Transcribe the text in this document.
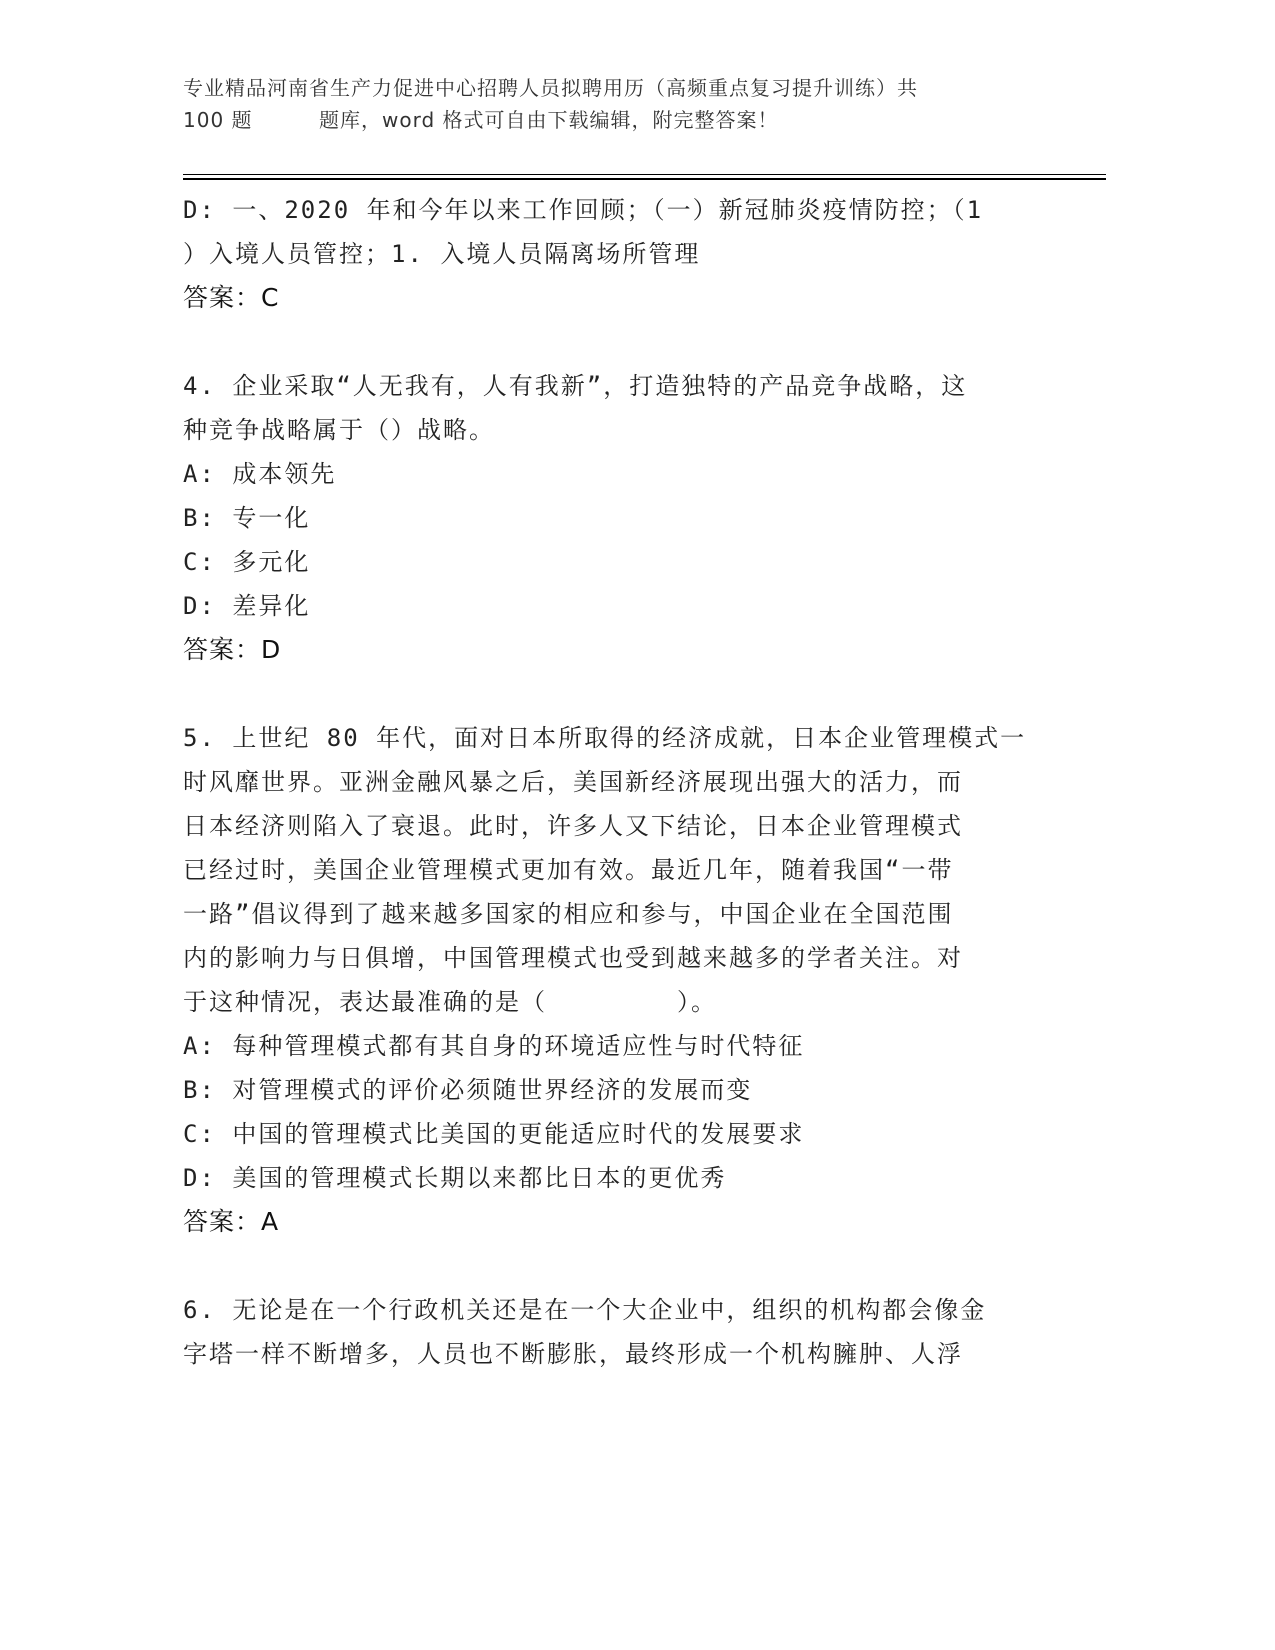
专业精品河南省生产力促进中心招聘人员拟聘用历（高频重点复习提升训练）共
100 题	题库，word 格式可自由下载编辑，附完整答案！
D: 一、2020 年和今年以来工作回顾；（一）新冠肺炎疫情防控；（1
）入境人员管控；1. 入境人员隔离场所管理
答案：C
4. 企业采取“人无我有，人有我新”，打造独特的产品竞争战略，这
种竞争战略属于（）战略。
A: 成本领先
B: 专一化
C: 多元化
D: 差异化
答案：D
5. 上世纪 80 年代，面对日本所取得的经济成就，日本企业管理模式一
时风靡世界。亚洲金融风暴之后，美国新经济展现出强大的活力，而
日本经济则陷入了衰退。此时，许多人又下结论，日本企业管理模式
已经过时，美国企业管理模式更加有效。最近几年，随着我国“一带
一路”倡议得到了越来越多国家的相应和参与，中国企业在全国范围
内的影响力与日俱增，中国管理模式也受到越来越多的学者关注。对
于这种情况，表达最准确的是（　　　　　）。
A: 每种管理模式都有其自身的环境适应性与时代特征
B: 对管理模式的评价必须随世界经济的发展而变
C: 中国的管理模式比美国的更能适应时代的发展要求
D: 美国的管理模式长期以来都比日本的更优秀
答案：A
6. 无论是在一个行政机关还是在一个大企业中，组织的机构都会像金
字塔一样不断增多，人员也不断膨胀，最终形成一个机构臃肿、人浮
